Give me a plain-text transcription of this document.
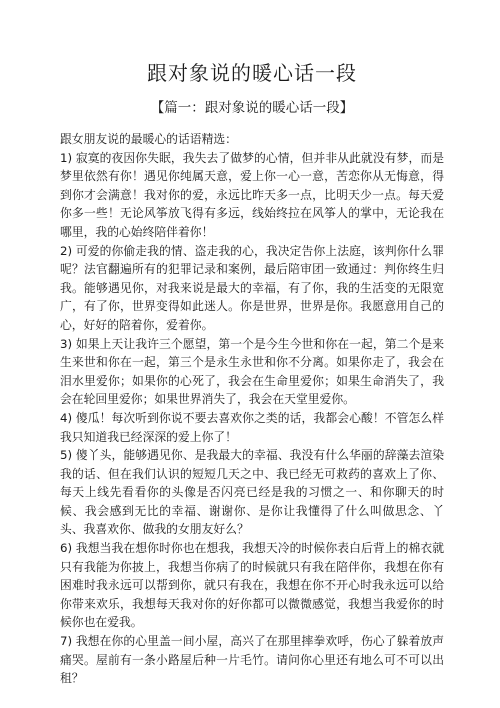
跟对象说的暖心话一段
【篇一：跟对象说的暖心话一段】

跟女朋友说的最暖心的话语精选：

1) 寂寞的夜因你失眠，我失去了做梦的心情，但并非从此就没有梦，而是梦里依然有你！遇见你纯属天意，爱上你一心一意，苦恋你从无悔意，得到你才会满意！我对你的爱，永远比昨天多一点，比明天少一点。每天爱你多一些！无论风筝放飞得有多远，线始终拉在风筝人的掌中，无论我在哪里，我的心始终陪伴着你！

2) 可爱的你偷走我的情、盗走我的心，我决定告你上法庭，该判你什么罪呢？法官翻遍所有的犯罪记录和案例，最后陪审团一致通过：判你终生归我。能够遇见你，对我来说是最大的幸福，有了你，我的生活变的无限宽广，有了你，世界变得如此迷人。你是世界，世界是你。我愿意用自己的心，好好的陪着你，爱着你。

3) 如果上天让我许三个愿望，第一个是今生今世和你在一起，第二个是来生来世和你在一起，第三个是永生永世和你不分离。如果你走了，我会在泪水里爱你；如果你的心死了，我会在生命里爱你；如果生命消失了，我会在轮回里爱你；如果世界消失了，我会在天堂里爱你。

4) 傻瓜！每次听到你说不要去喜欢你之类的话，我都会心酸！不管怎么样我只知道我已经深深的爱上你了！

5) 傻丫头，能够遇见你、是我最大的幸福、我没有什么华丽的辞藻去渲染我的话、但在我们认识的短短几天之中、我已经无可救药的喜欢上了你、每天上线先看看你的头像是否闪亮已经是我的习惯之一、和你聊天的时候、我会感到无比的幸福、谢谢你、是你让我懂得了什么叫做思念、丫头、我喜欢你、做我的女朋友好么？

6) 我想当我在想你时你也在想我，我想天冷的时候你表白后背上的棉衣就只有我能为你披上，我想当你病了的时候就只有我在陪伴你，我想在你有困难时我永远可以帮到你，就只有我在，我想在你不开心时我永远可以给你带来欢乐，我想每天我对你的好你都可以微微感觉，我想当我爱你的时候你也在爱我。

7) 我想在你的心里盖一间小屋，高兴了在那里摔拳欢呼，伤心了躲着放声痛哭。屋前有一条小路屋后种一片毛竹。请问你心里还有地么可不可以出租？
